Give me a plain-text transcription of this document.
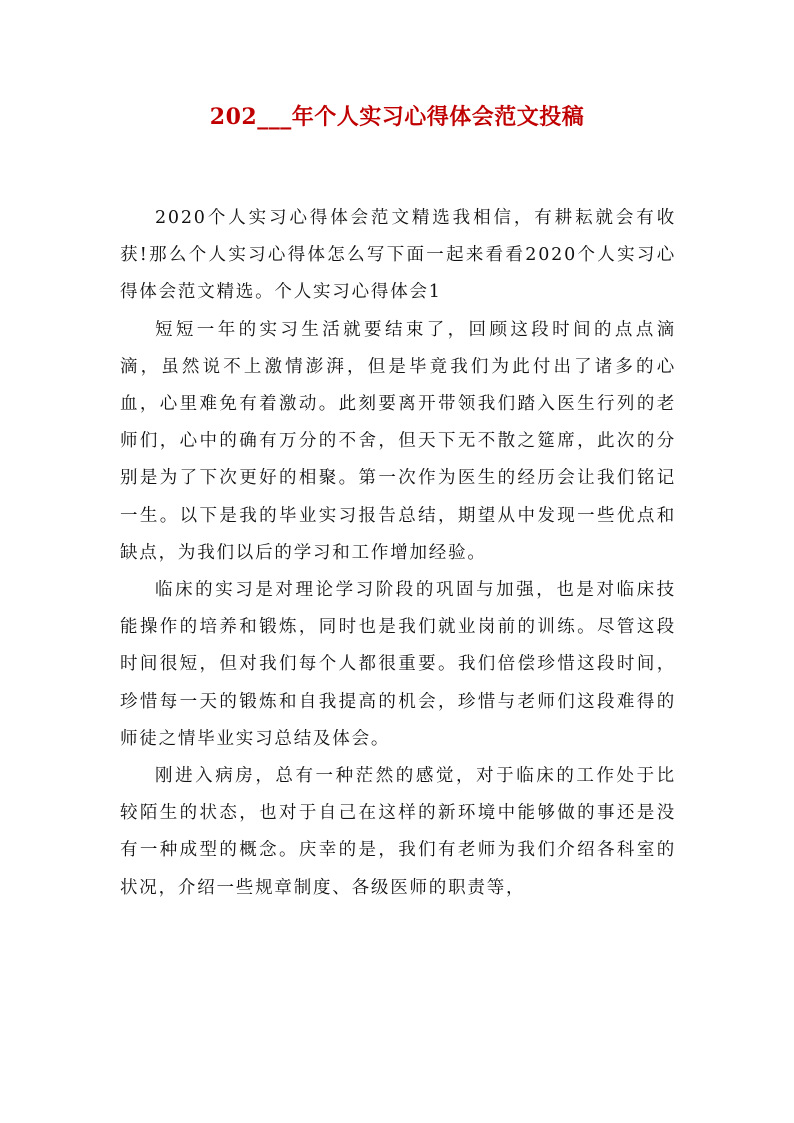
202___年个人实习心得体会范文投稿

2020个人实习心得体会范文精选我相信，有耕耘就会有收获!那么个人实习心得体怎么写下面一起来看看2020个人实习心得体会范文精选。个人实习心得体会1

短短一年的实习生活就要结束了，回顾这段时间的点点滴滴，虽然说不上激情澎湃，但是毕竟我们为此付出了诸多的心血，心里难免有着激动。此刻要离开带领我们踏入医生行列的老师们，心中的确有万分的不舍，但天下无不散之筵席，此次的分别是为了下次更好的相聚。第一次作为医生的经历会让我们铭记一生。以下是我的毕业实习报告总结，期望从中发现一些优点和缺点，为我们以后的学习和工作增加经验。

临床的实习是对理论学习阶段的巩固与加强，也是对临床技能操作的培养和锻炼，同时也是我们就业岗前的训练。尽管这段时间很短，但对我们每个人都很重要。我们倍偿珍惜这段时间，珍惜每一天的锻炼和自我提高的机会，珍惜与老师们这段难得的师徒之情毕业实习总结及体会。

刚进入病房，总有一种茫然的感觉，对于临床的工作处于比较陌生的状态，也对于自己在这样的新环境中能够做的事还是没有一种成型的概念。庆幸的是，我们有老师为我们介绍各科室的状况，介绍一些规章制度、各级医师的职责等，
